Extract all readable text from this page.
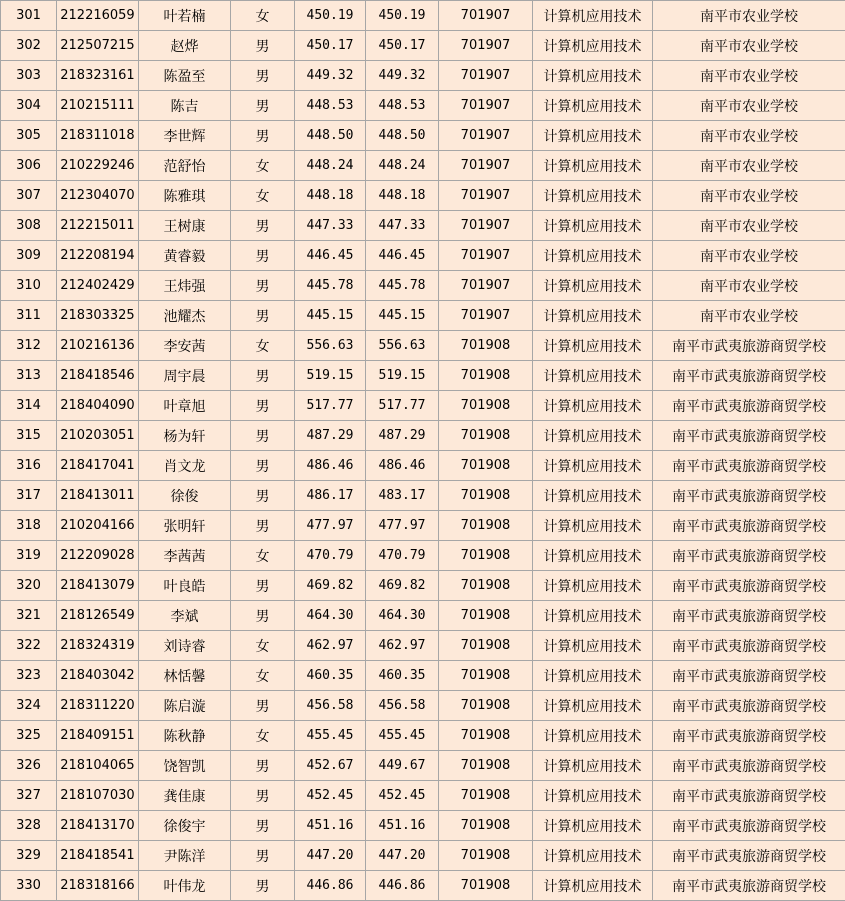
301	212216059	叶若楠	女	450.19	450.19	701907	计算机应用技术	南平市农业学校
302	212507215	赵烨	男	450.17	450.17	701907	计算机应用技术	南平市农业学校
303	218323161	陈盈至	男	449.32	449.32	701907	计算机应用技术	南平市农业学校
304	210215111	陈吉	男	448.53	448.53	701907	计算机应用技术	南平市农业学校
305	218311018	李世辉	男	448.50	448.50	701907	计算机应用技术	南平市农业学校
306	210229246	范舒怡	女	448.24	448.24	701907	计算机应用技术	南平市农业学校
307	212304070	陈雅琪	女	448.18	448.18	701907	计算机应用技术	南平市农业学校
308	212215011	王树康	男	447.33	447.33	701907	计算机应用技术	南平市农业学校
309	212208194	黄睿毅	男	446.45	446.45	701907	计算机应用技术	南平市农业学校
310	212402429	王炜强	男	445.78	445.78	701907	计算机应用技术	南平市农业学校
311	218303325	池耀杰	男	445.15	445.15	701907	计算机应用技术	南平市农业学校
312	210216136	李安茜	女	556.63	556.63	701908	计算机应用技术	南平市武夷旅游商贸学校
313	218418546	周宇晨	男	519.15	519.15	701908	计算机应用技术	南平市武夷旅游商贸学校
314	218404090	叶章旭	男	517.77	517.77	701908	计算机应用技术	南平市武夷旅游商贸学校
315	210203051	杨为轩	男	487.29	487.29	701908	计算机应用技术	南平市武夷旅游商贸学校
316	218417041	肖文龙	男	486.46	486.46	701908	计算机应用技术	南平市武夷旅游商贸学校
317	218413011	徐俊	男	486.17	483.17	701908	计算机应用技术	南平市武夷旅游商贸学校
318	210204166	张明轩	男	477.97	477.97	701908	计算机应用技术	南平市武夷旅游商贸学校
319	212209028	李茜茜	女	470.79	470.79	701908	计算机应用技术	南平市武夷旅游商贸学校
320	218413079	叶良皓	男	469.82	469.82	701908	计算机应用技术	南平市武夷旅游商贸学校
321	218126549	李斌	男	464.30	464.30	701908	计算机应用技术	南平市武夷旅游商贸学校
322	218324319	刘诗睿	女	462.97	462.97	701908	计算机应用技术	南平市武夷旅游商贸学校
323	218403042	林恬馨	女	460.35	460.35	701908	计算机应用技术	南平市武夷旅游商贸学校
324	218311220	陈启漩	男	456.58	456.58	701908	计算机应用技术	南平市武夷旅游商贸学校
325	218409151	陈秋静	女	455.45	455.45	701908	计算机应用技术	南平市武夷旅游商贸学校
326	218104065	饶智凯	男	452.67	449.67	701908	计算机应用技术	南平市武夷旅游商贸学校
327	218107030	龚佳康	男	452.45	452.45	701908	计算机应用技术	南平市武夷旅游商贸学校
328	218413170	徐俊宇	男	451.16	451.16	701908	计算机应用技术	南平市武夷旅游商贸学校
329	218418541	尹陈洋	男	447.20	447.20	701908	计算机应用技术	南平市武夷旅游商贸学校
330	218318166	叶伟龙	男	446.86	446.86	701908	计算机应用技术	南平市武夷旅游商贸学校
